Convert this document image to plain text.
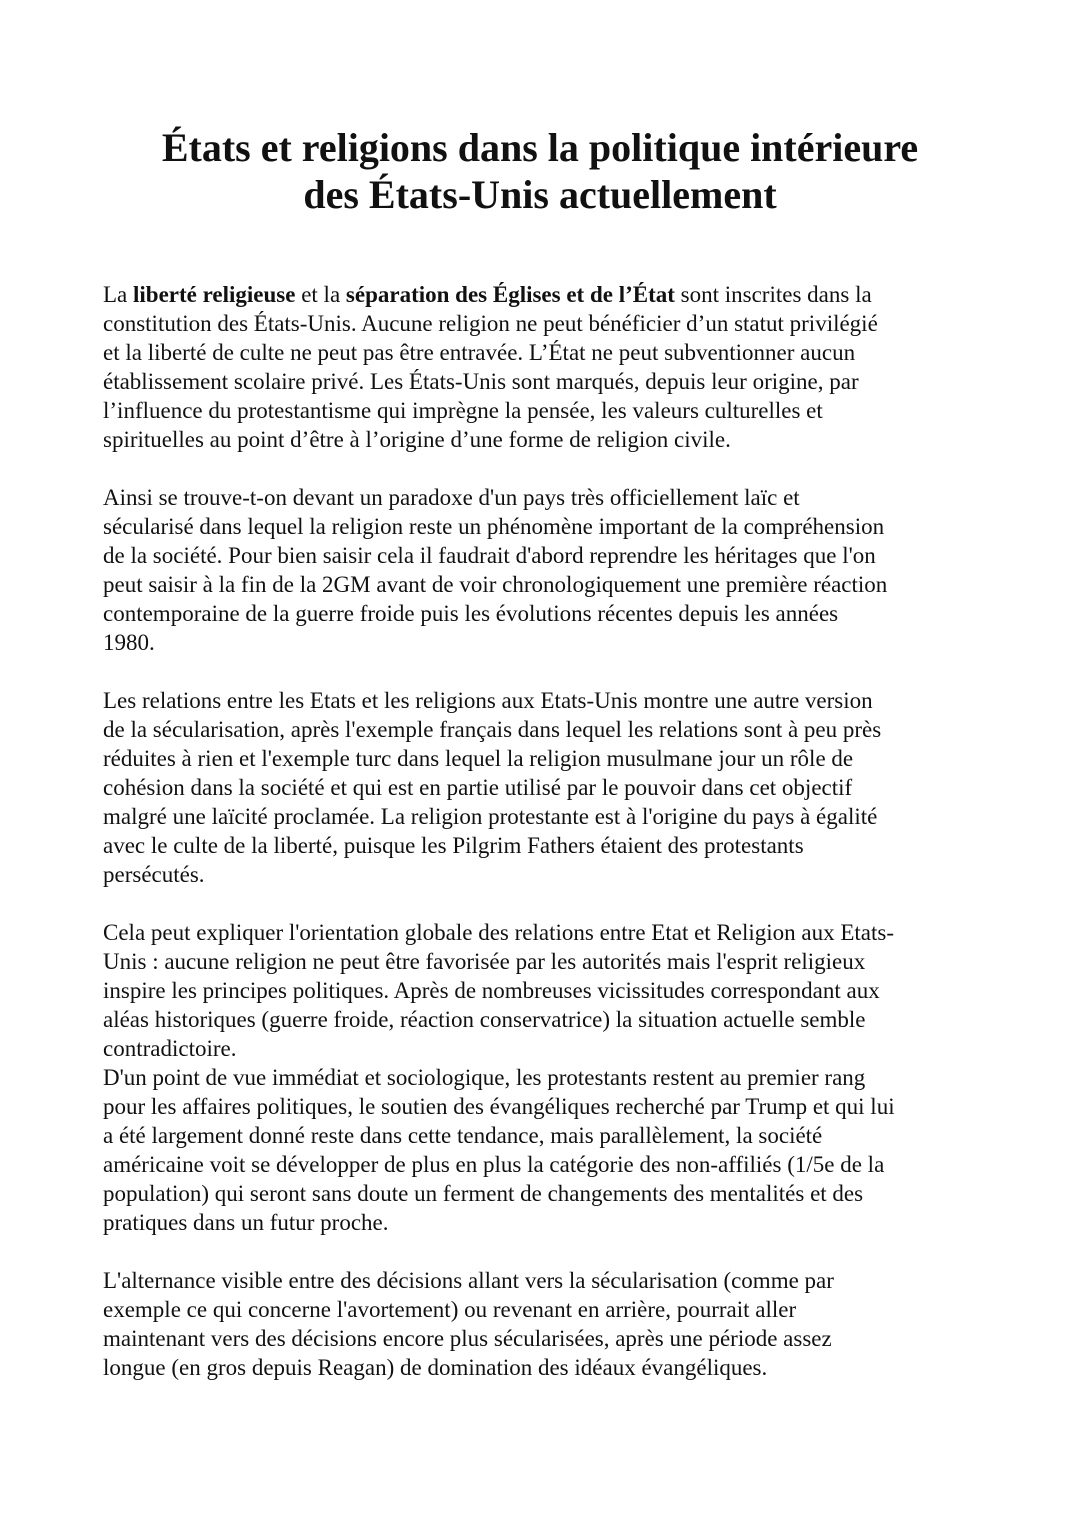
États et religions dans la politique intérieure
des États-Unis actuellement
La liberté religieuse et la séparation des Églises et de l’État sont inscrites dans la
constitution des États-Unis. Aucune religion ne peut bénéficier d’un statut privilégié
et la liberté de culte ne peut pas être entravée. L’État ne peut subventionner aucun
établissement scolaire privé. Les États-Unis sont marqués, depuis leur origine, par
l’influence du protestantisme qui imprègne la pensée, les valeurs culturelles et
spirituelles au point d’être à l’origine d’une forme de religion civile.
Ainsi se trouve-t-on devant un paradoxe d'un pays très officiellement laïc et
sécularisé dans lequel la religion reste un phénomène important de la compréhension
de la société. Pour bien saisir cela il faudrait d'abord reprendre les héritages que l'on
peut saisir à la fin de la 2GM avant de voir chronologiquement une première réaction
contemporaine de la guerre froide puis les évolutions récentes depuis les années
1980.
Les relations entre les Etats et les religions aux Etats-Unis montre une autre version
de la sécularisation, après l'exemple français dans lequel les relations sont à peu près
réduites à rien et l'exemple turc dans lequel la religion musulmane jour un rôle de
cohésion dans la société et qui est en partie utilisé par le pouvoir dans cet objectif
malgré une laïcité proclamée. La religion protestante est à l'origine du pays à égalité
avec le culte de la liberté, puisque les Pilgrim Fathers étaient des protestants
persécutés.
Cela peut expliquer l'orientation globale des relations entre Etat et Religion aux Etats-
Unis : aucune religion ne peut être favorisée par les autorités mais l'esprit religieux
inspire les principes politiques. Après de nombreuses vicissitudes correspondant aux
aléas historiques (guerre froide, réaction conservatrice) la situation actuelle semble
contradictoire.
D'un point de vue immédiat et sociologique, les protestants restent au premier rang
pour les affaires politiques, le soutien des évangéliques recherché par Trump et qui lui
a été largement donné reste dans cette tendance, mais parallèlement, la société
américaine voit se développer de plus en plus la catégorie des non-affiliés (1/5e de la
population) qui seront sans doute un ferment de changements des mentalités et des
pratiques dans un futur proche.
L'alternance visible entre des décisions allant vers la sécularisation (comme par
exemple ce qui concerne l'avortement) ou revenant en arrière, pourrait aller
maintenant vers des décisions encore plus sécularisées, après une période assez
longue (en gros depuis Reagan) de domination des idéaux évangéliques.
